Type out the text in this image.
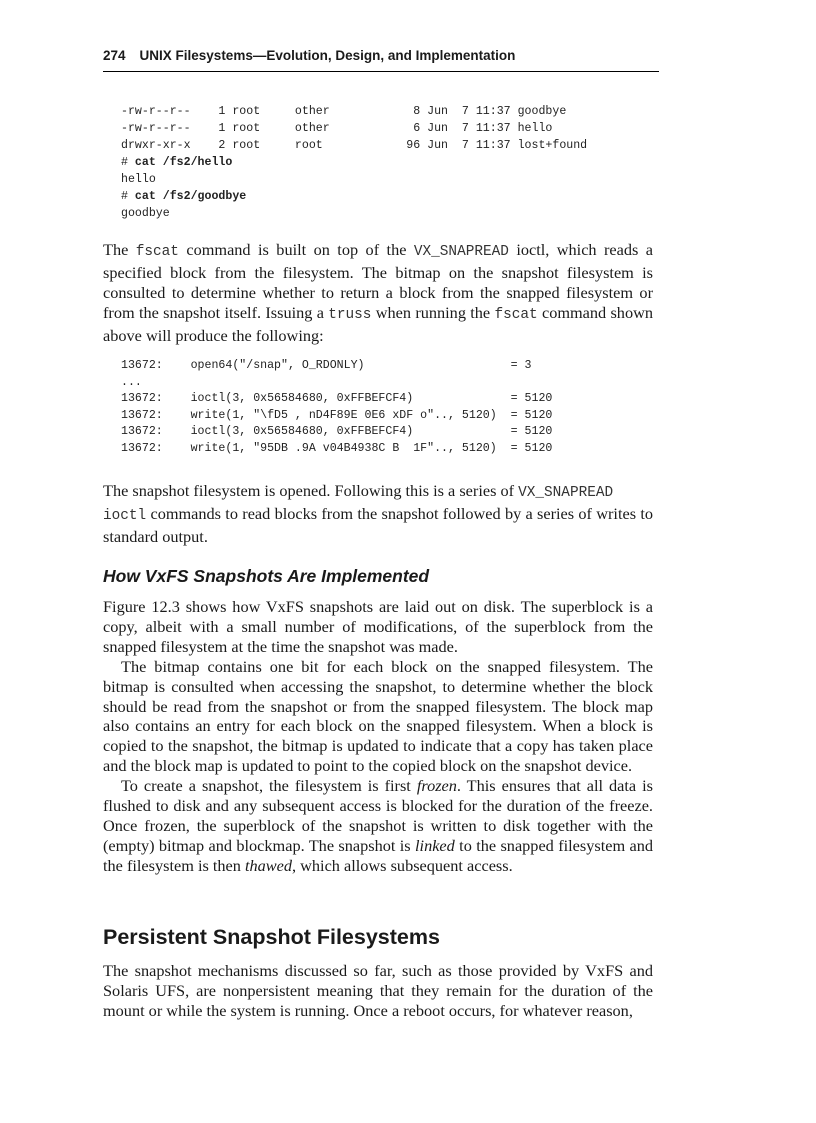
274 UNIX Filesystems—Evolution, Design, and Implementation
-rw-r--r--    1 root     other            8 Jun  7 11:37 goodbye
-rw-r--r--    1 root     other            6 Jun  7 11:37 hello
drwxr-xr-x    2 root     root            96 Jun  7 11:37 lost+found
# cat /fs2/hello
hello
# cat /fs2/goodbye
goodbye
The fscat command is built on top of the VX_SNAPREAD ioctl, which reads a specified block from the filesystem. The bitmap on the snapshot filesystem is consulted to determine whether to return a block from the snapped filesystem or from the snapshot itself. Issuing a truss when running the fscat command shown above will produce the following:
13672:    open64("/snap", O_RDONLY)                     = 3
...
13672:    ioctl(3, 0x56584680, 0xFFBEFCF4)              = 5120
13672:    write(1, "\fD5 , nD4F89E 0E6 xDF o".., 5120)  = 5120
13672:    ioctl(3, 0x56584680, 0xFFBEFCF4)              = 5120
13672:    write(1, "95DB .9A v04B4938C B  1F".., 5120)  = 5120
The snapshot filesystem is opened. Following this is a series of VX_SNAPREAD
ioctl commands to read blocks from the snapshot followed by a series of writes to standard output.
How VxFS Snapshots Are Implemented

Figure 12.3 shows how VxFS snapshots are laid out on disk. The superblock is a copy, albeit with a small number of modifications, of the superblock from the snapped filesystem at the time the snapshot was made.

The bitmap contains one bit for each block on the snapped filesystem. The bitmap is consulted when accessing the snapshot, to determine whether the block should be read from the snapshot or from the snapped filesystem. The block map also contains an entry for each block on the snapped filesystem. When a block is copied to the snapshot, the bitmap is updated to indicate that a copy has taken place and the block map is updated to point to the copied block on the snapshot device.

To create a snapshot, the filesystem is first frozen. This ensures that all data is flushed to disk and any subsequent access is blocked for the duration of the freeze. Once frozen, the superblock of the snapshot is written to disk together with the (empty) bitmap and blockmap. The snapshot is linked to the snapped filesystem and the filesystem is then thawed, which allows subsequent access.

Persistent Snapshot Filesystems
The snapshot mechanisms discussed so far, such as those provided by VxFS and Solaris UFS, are nonpersistent meaning that they remain for the duration of the mount or while the system is running. Once a reboot occurs, for whatever reason,
